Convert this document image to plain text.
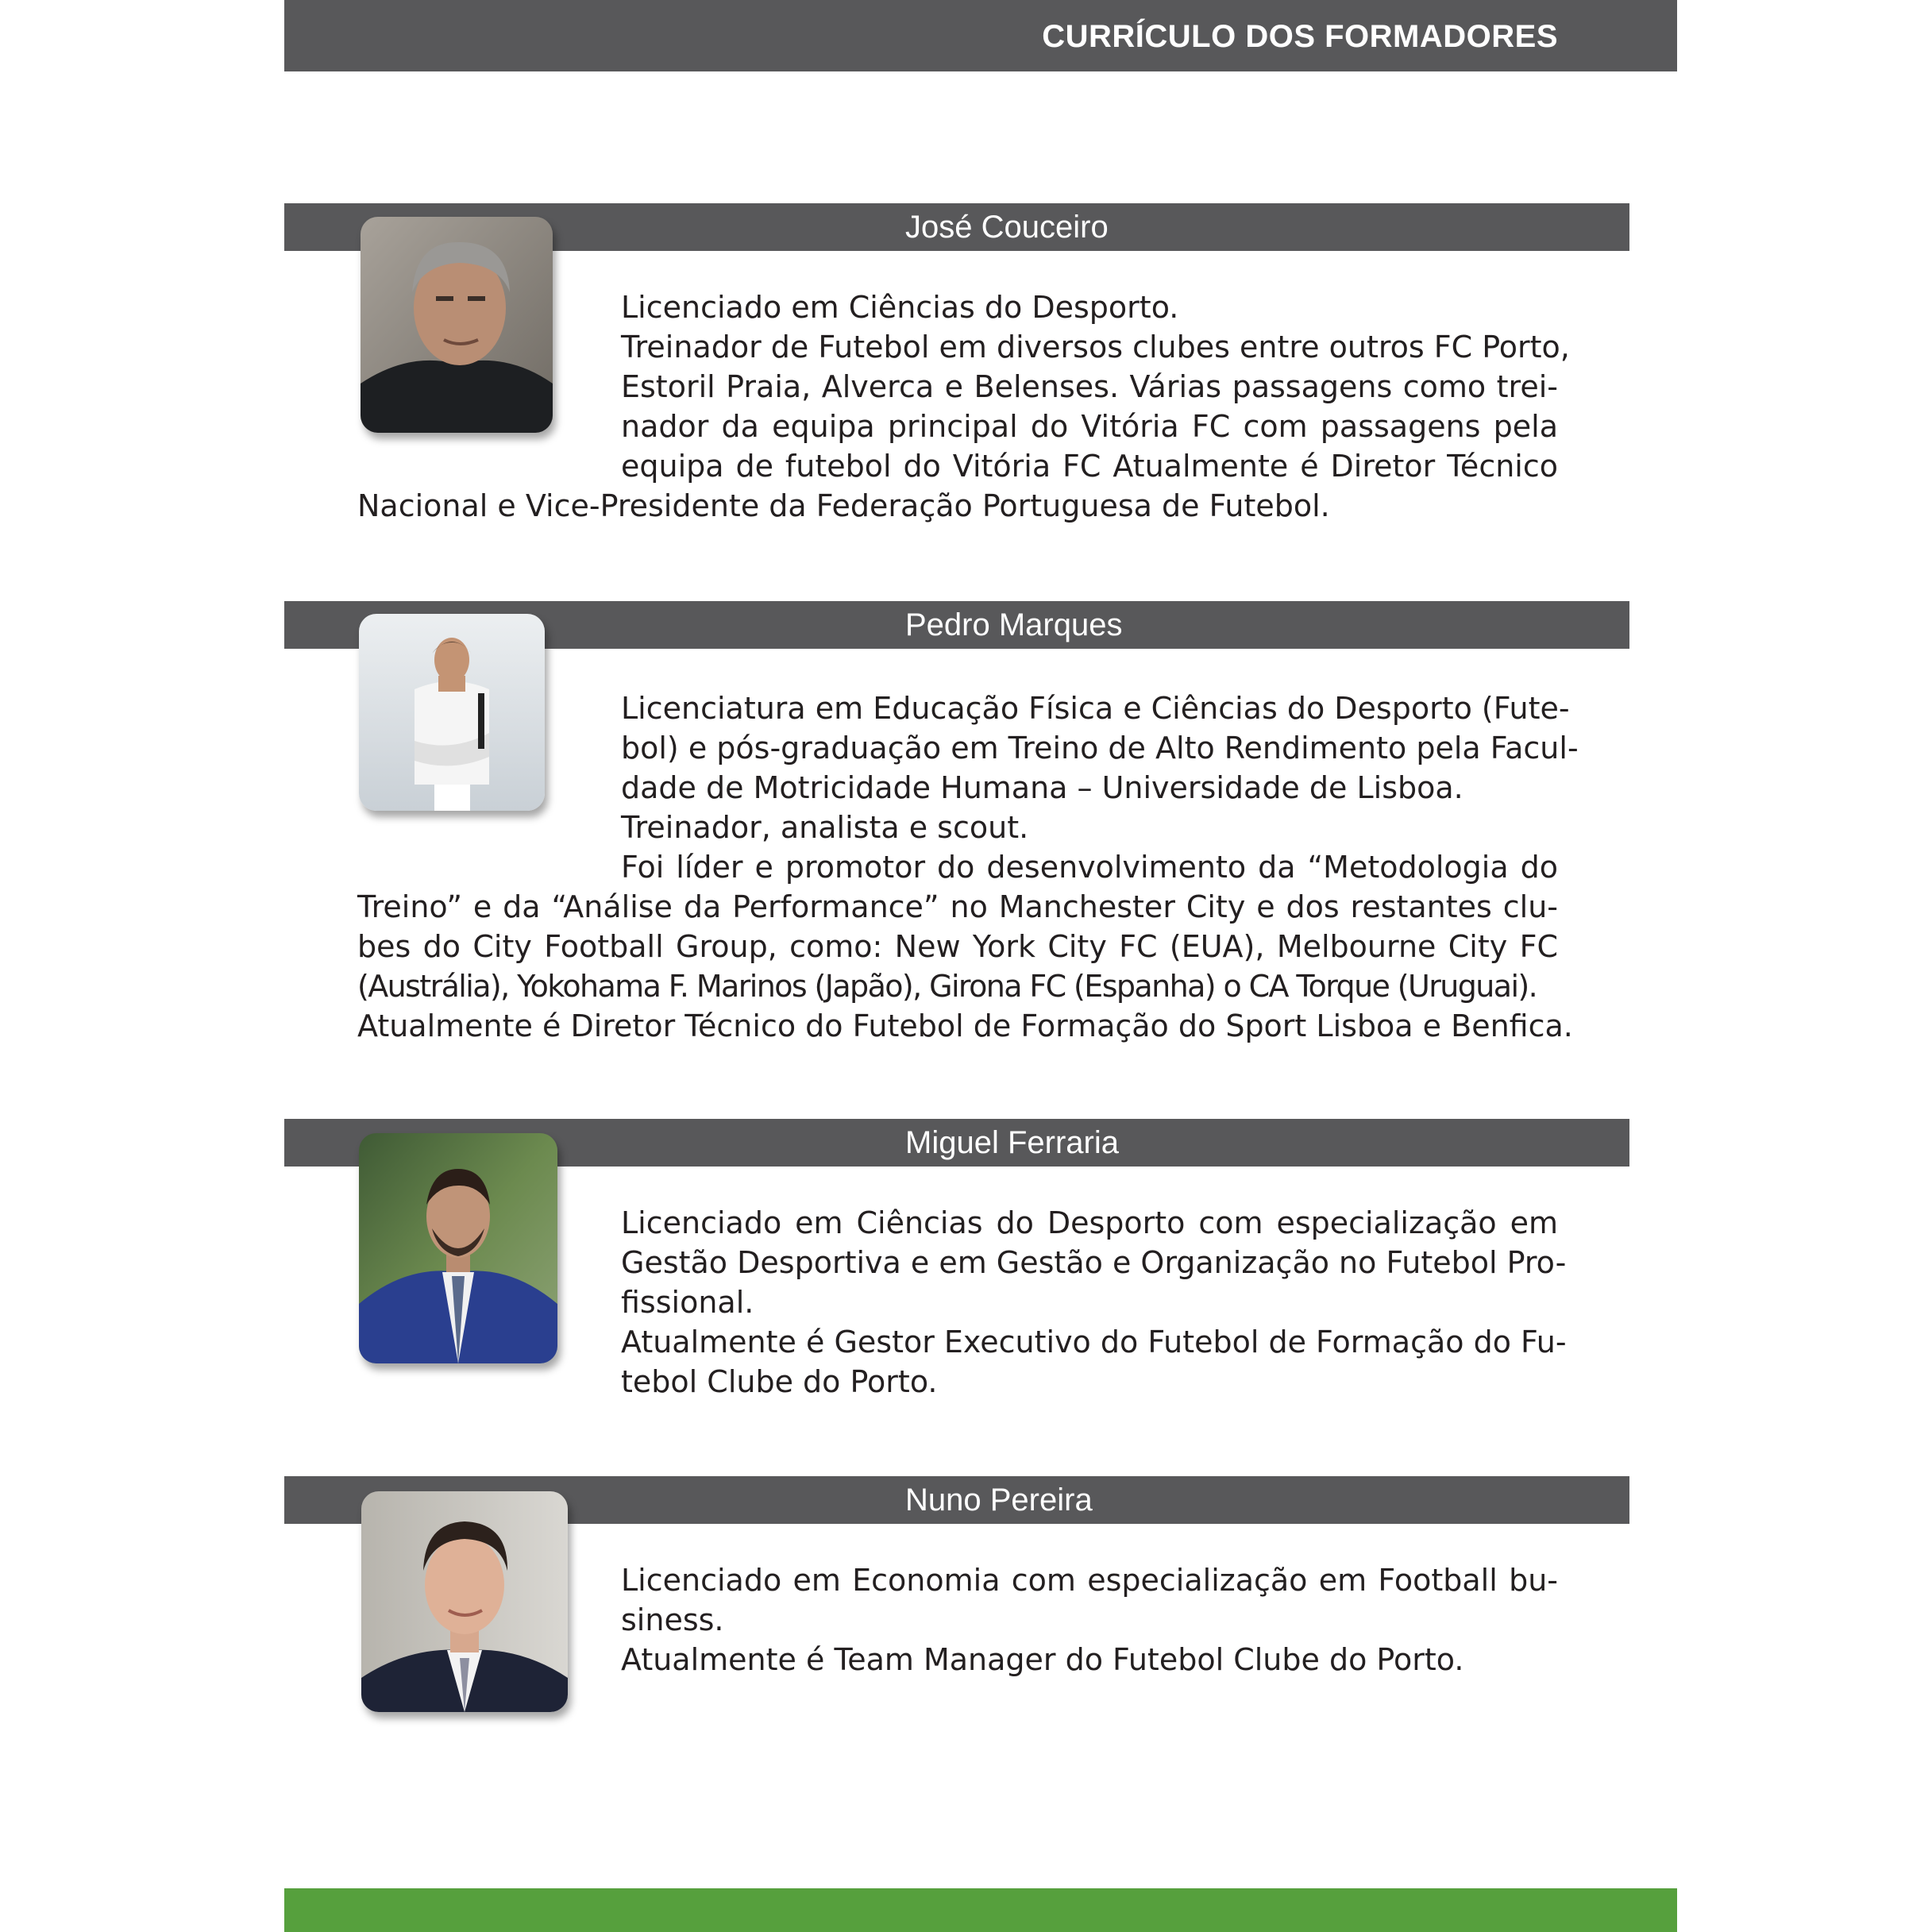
CURRÍCULO DOS FORMADORES
José Couceiro
Licenciado em Ciências do Desporto.
Treinador de Futebol em diversos clubes entre outros FC Porto,
Estoril Praia, Alverca e Belenses. Várias passagens como trei-
nador da equipa principal do Vitória FC com passagens pela
equipa de futebol do Vitória FC Atualmente é Diretor Técnico
Nacional e Vice-Presidente da Federação Portuguesa de Futebol.
Pedro Marques
Licenciatura em Educação Física e Ciências do Desporto (Fute-
bol) e pós-graduação em Treino de Alto Rendimento pela Facul-
dade de Motricidade Humana – Universidade de Lisboa.
Treinador, analista e scout.
Foi líder e promotor do desenvolvimento da “Metodologia do
Treino” e da “Análise da Performance” no Manchester City e dos restantes clu-
bes do City Football Group, como: New York City FC (EUA), Melbourne City FC
(Austrália), Yokohama F. Marinos (Japão), Girona FC (Espanha) o CA Torque (Uruguai).
Atualmente é Diretor Técnico do Futebol de Formação do Sport Lisboa e Benfica.
Miguel Ferraria
Licenciado em Ciências do Desporto com especialização em
Gestão Desportiva e em Gestão e Organização no Futebol Pro-
fissional.
Atualmente é Gestor Executivo do Futebol de Formação do Fu-
tebol Clube do Porto.
Nuno Pereira
Licenciado em Economia com especialização em Football bu-
siness.
Atualmente é Team Manager do Futebol Clube do Porto.
